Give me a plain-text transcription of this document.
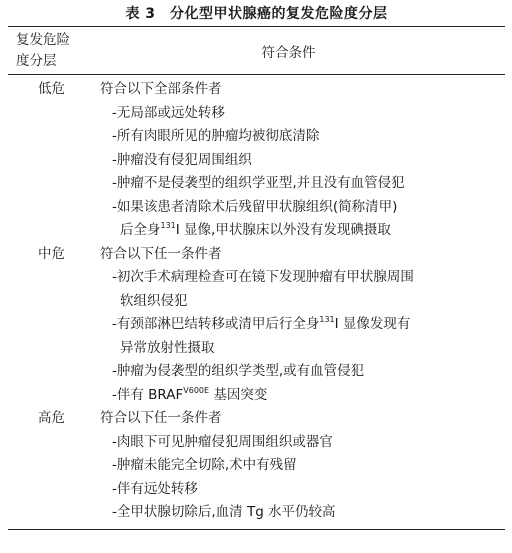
表 3　分化型甲状腺癌的复发危险度分层
复发危险
度分层	符合条件
低危	符合以下全部条件者
-无局部或远处转移
-所有肉眼所见的肿瘤均被彻底清除
-肿瘤没有侵犯周围组织
-肿瘤不是侵袭型的组织学亚型,并且没有血管侵犯
-如果该患者清除术后残留甲状腺组织(简称清甲)
后全身$^{131}$I 显像,甲状腺床以外没有发现碘摄取
中危	符合以下任一条件者
-初次手术病理检查可在镜下发现肿瘤有甲状腺周围
软组织侵犯
-有颈部淋巴结转移或清甲后行全身$^{131}$I 显像发现有
异常放射性摄取
-肿瘤为侵袭型的组织学类型,或有血管侵犯
-伴有 $BRAF^{V600E}$ 基因突变
高危	符合以下任一条件者
-肉眼下可见肿瘤侵犯周围组织或器官
-肿瘤未能完全切除,术中有残留
-伴有远处转移
-全甲状腺切除后,血清 Tg 水平仍较高
